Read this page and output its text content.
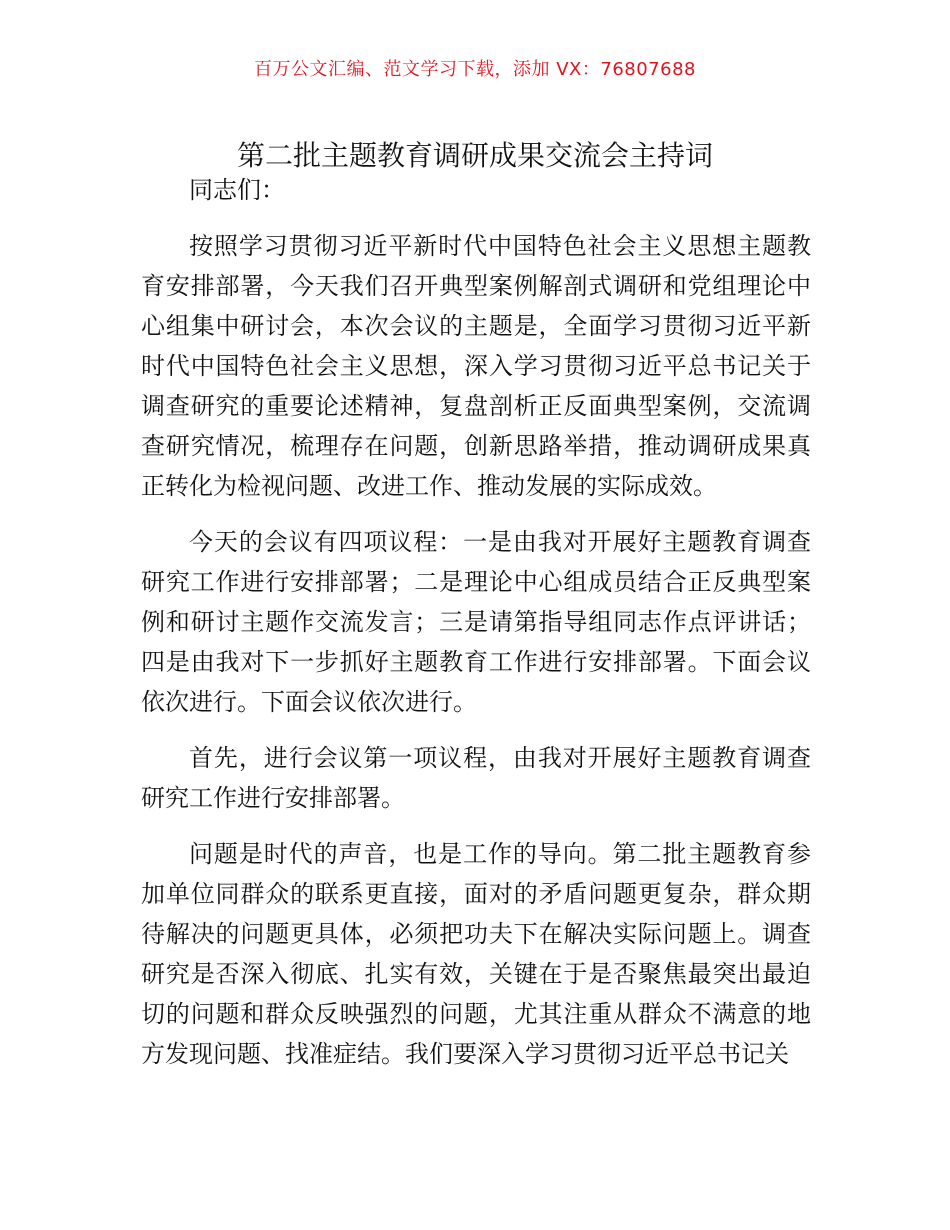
百万公文汇编、范文学习下载，添加 VX：76807688
第二批主题教育调研成果交流会主持词

同志们：

按照学习贯彻习近平新时代中国特色社会主义思想主题教育安排部署，今天我们召开典型案例解剖式调研和党组理论中心组集中研讨会，本次会议的主题是，全面学习贯彻习近平新时代中国特色社会主义思想，深入学习贯彻习近平总书记关于调查研究的重要论述精神，复盘剖析正反面典型案例，交流调查研究情况，梳理存在问题，创新思路举措，推动调研成果真正转化为检视问题、改进工作、推动发展的实际成效。

今天的会议有四项议程：一是由我对开展好主题教育调查研究工作进行安排部署；二是理论中心组成员结合正反典型案例和研讨主题作交流发言；三是请第指导组同志作点评讲话；四是由我对下一步抓好主题教育工作进行安排部署。下面会议依次进行。下面会议依次进行。

首先，进行会议第一项议程，由我对开展好主题教育调查研究工作进行安排部署。

问题是时代的声音，也是工作的导向。第二批主题教育参加单位同群众的联系更直接，面对的矛盾问题更复杂，群众期待解决的问题更具体，必须把功夫下在解决实际问题上。调查研究是否深入彻底、扎实有效，关键在于是否聚焦最突出最迫切的问题和群众反映强烈的问题，尤其注重从群众不满意的地方发现问题、找准症结。我们要深入学习贯彻习近平总书记关
